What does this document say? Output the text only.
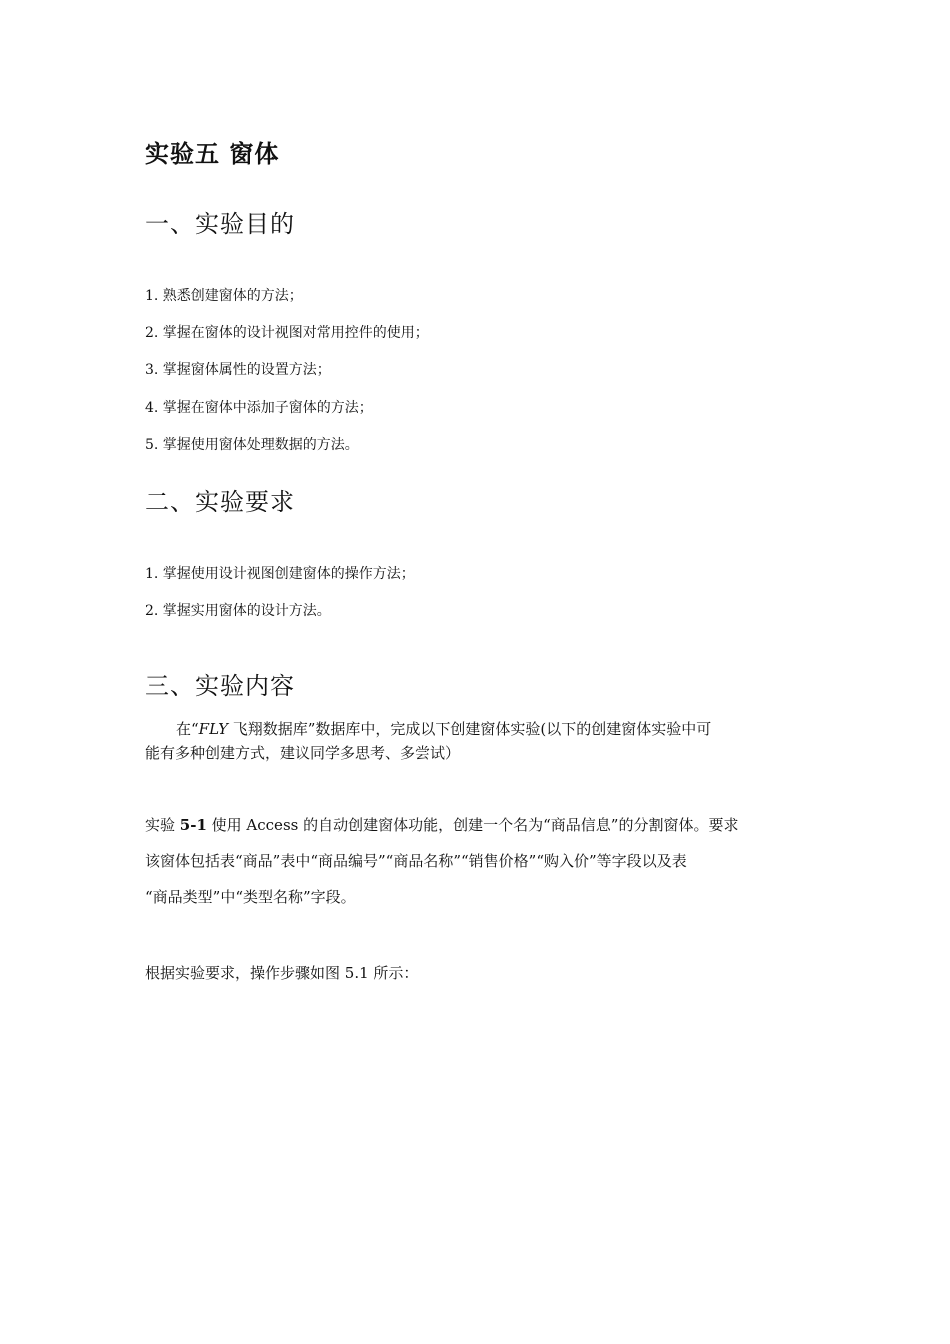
实验五 窗体
一、实验目的
1. 熟悉创建窗体的方法；
2. 掌握在窗体的设计视图对常用控件的使用；
3. 掌握窗体属性的设置方法；
4. 掌握在窗体中添加子窗体的方法；
5. 掌握使用窗体处理数据的方法。
二、实验要求
1. 掌握使用设计视图创建窗体的操作方法；
2. 掌握实用窗体的设计方法。
三、实验内容

在“FLY 飞翔数据库”数据库中，完成以下创建窗体实验(以下的创建窗体实验中可

能有多种创建方式，建议同学多思考、多尝试）

实验 5-1 使用 Access 的自动创建窗体功能，创建一个名为“商品信息”的分割窗体。要求

该窗体包括表“商品”表中“商品编号”“商品名称”“销售价格”“购入价”等字段以及表

“商品类型”中“类型名称”字段。

根据实验要求，操作步骤如图 5.1 所示：
